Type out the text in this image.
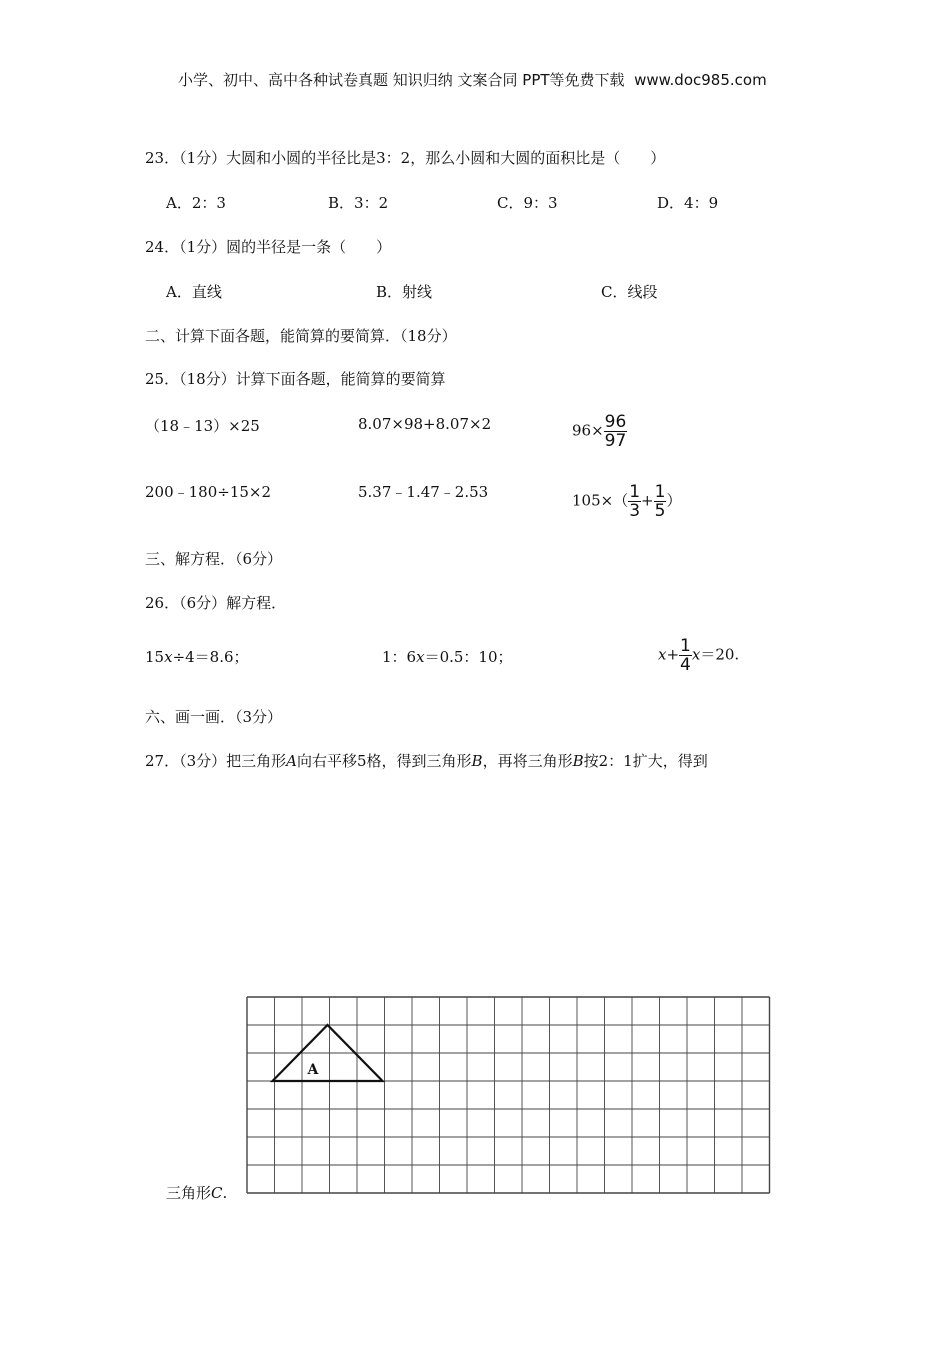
小学、初中、高中各种试卷真题 知识归纳 文案合同 PPT等免费下载 www.doc985.com
23．（1分）大圆和小圆的半径比是3：2，那么小圆和大圆的面积比是（　　）
A．2：3	B．3：2	C．9：3	D．4：9
24．（1分）圆的半径是一条（　　）
A．直线	B．射线	C．线段
二、计算下面各题，能简算的要简算．（18分）
25．（18分）计算下面各题，能简算的要简算
（18﹣13）×25	8.07×98+8.07×2	$96\times \frac{96}{97}$
200﹣180÷15×2	5.37﹣1.47﹣2.53	$105\times( \frac{1}{3} + \frac{1}{5}$ ）
三、解方程．（6分）
26．（6分）解方程．
15x÷4＝8.6；	1：6x＝0.5：10；	$x+ \frac{1}{4} x=20$.
六、画一画．（3分）
27．（3分）把三角形A向右平移5格，得到三角形B，再将三角形B按2：1扩大，得到
三角形C.
A
